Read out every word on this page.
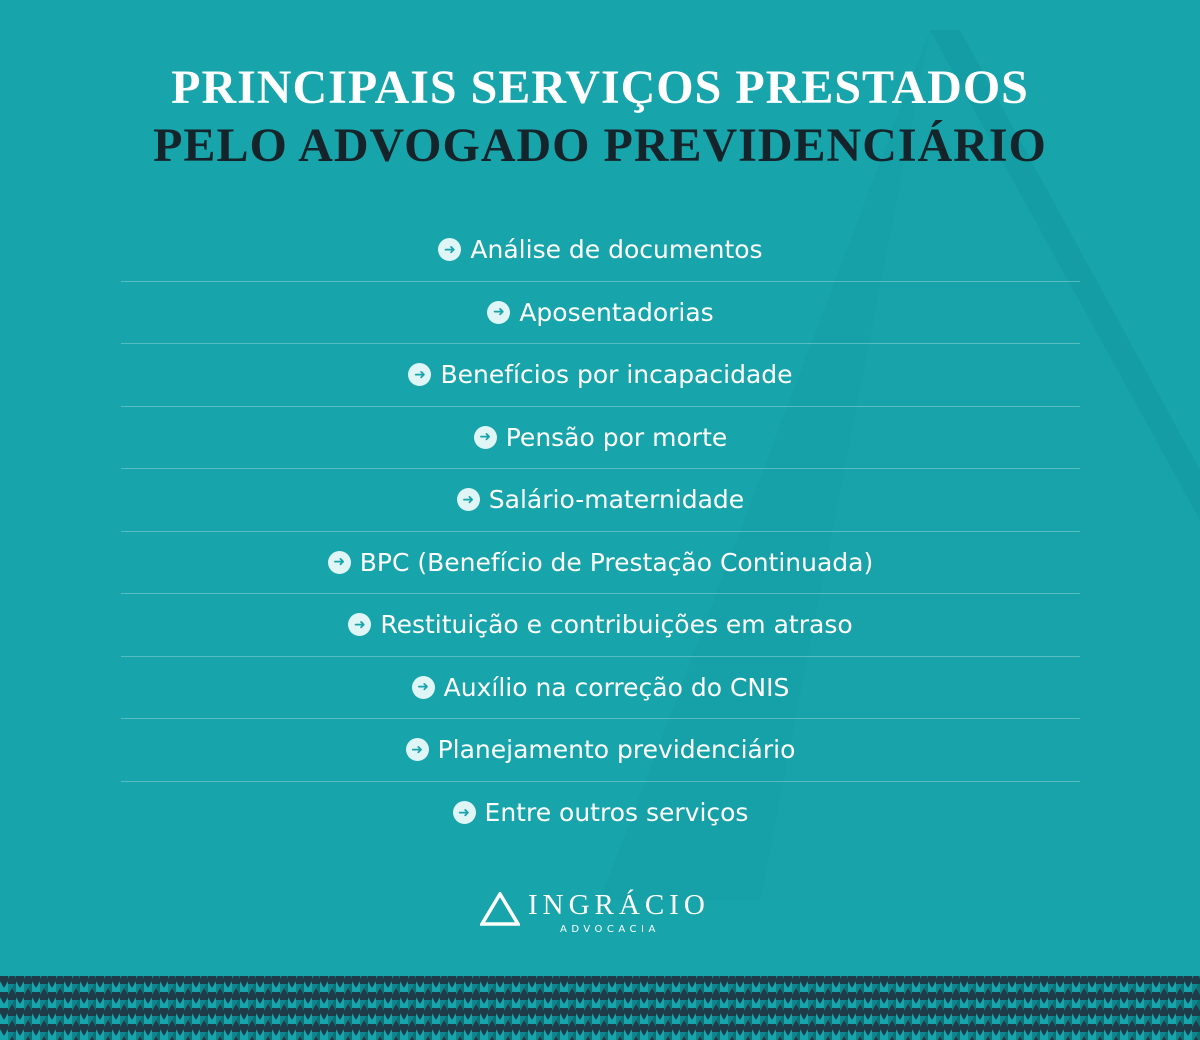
PRINCIPAIS SERVIÇOS PRESTADOS
PELO ADVOGADO PREVIDENCIÁRIO
➜ Análise de documentos
➜ Aposentadorias
➜ Benefícios por incapacidade
➜ Pensão por morte
➜ Salário-maternidade
➜ BPC (Benefício de Prestação Continuada)
➜ Restituição e contribuições em atraso
➜ Auxílio na correção do CNIS
➜ Planejamento previdenciário
➜ Entre outros serviços
INGRÁCIO
ADVOCACIA
